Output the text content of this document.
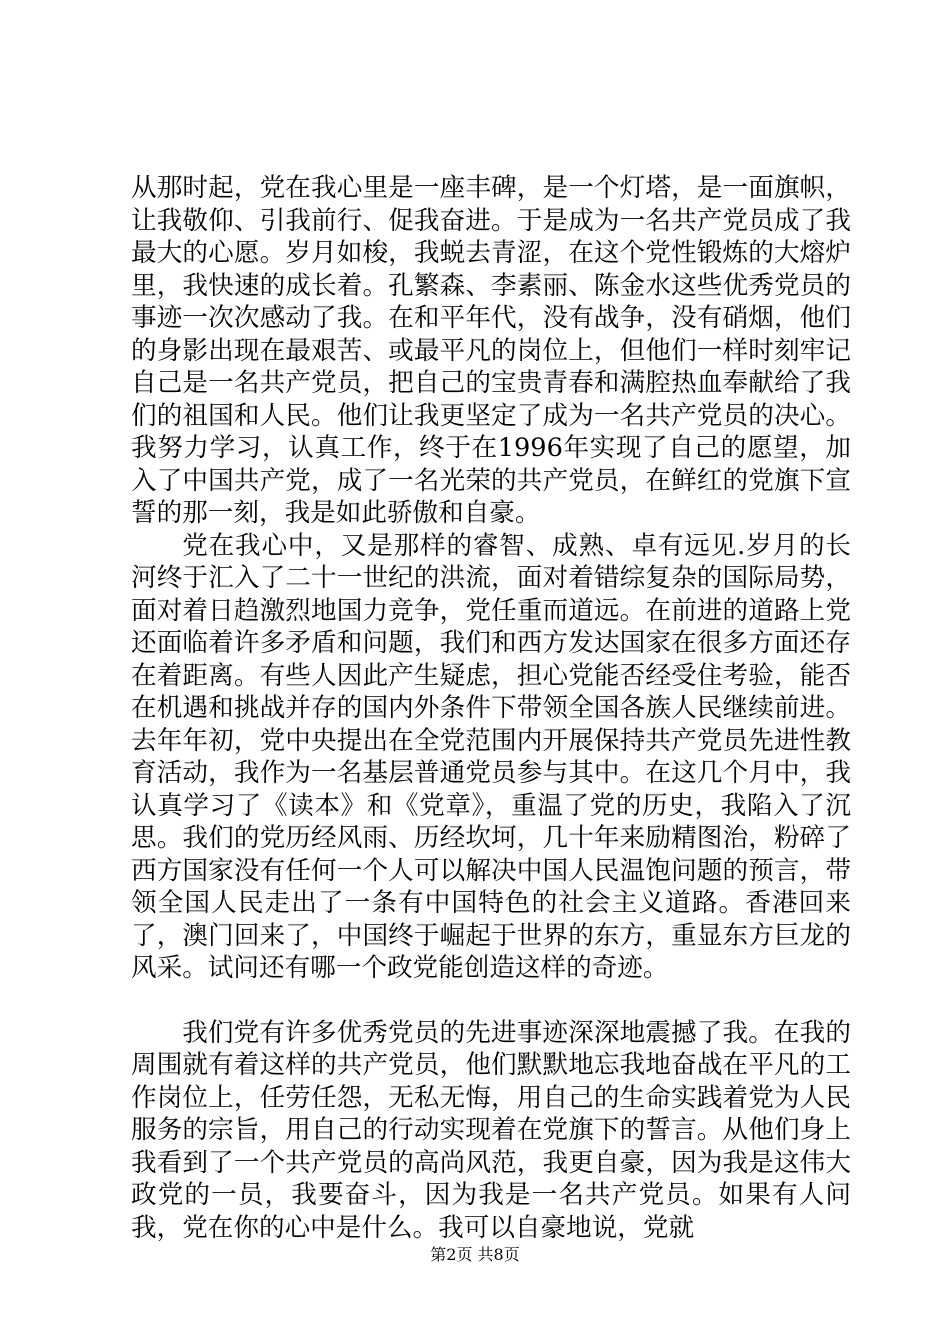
从那时起，党在我心里是一座丰碑，是一个灯塔，是一面旗帜，让我敬仰、引我前行、促我奋进。于是成为一名共产党员成了我最大的心愿。岁月如梭，我蜕去青涩，在这个党性锻炼的大熔炉里，我快速的成长着。孔繁森、李素丽、陈金水这些优秀党员的事迹一次次感动了我。在和平年代，没有战争，没有硝烟，他们的身影出现在最艰苦、或最平凡的岗位上，但他们一样时刻牢记自己是一名共产党员，把自己的宝贵青春和满腔热血奉献给了我们的祖国和人民。他们让我更坚定了成为一名共产党员的决心。我努力学习，认真工作，终于在1996年实现了自己的愿望，加入了中国共产党，成了一名光荣的共产党员，在鲜红的党旗下宣誓的那一刻，我是如此骄傲和自豪。

党在我心中，又是那样的睿智、成熟、卓有远见.岁月的长河终于汇入了二十一世纪的洪流，面对着错综复杂的国际局势，面对着日趋激烈地国力竞争，党任重而道远。在前进的道路上党还面临着许多矛盾和问题，我们和西方发达国家在很多方面还存在着距离。有些人因此产生疑虑，担心党能否经受住考验，能否在机遇和挑战并存的国内外条件下带领全国各族人民继续前进。去年年初，党中央提出在全党范围内开展保持共产党员先进性教育活动，我作为一名基层普通党员参与其中。在这几个月中，我认真学习了《读本》和《党章》，重温了党的历史，我陷入了沉思。我们的党历经风雨、历经坎坷，几十年来励精图治，粉碎了西方国家没有任何一个人可以解决中国人民温饱问题的预言，带领全国人民走出了一条有中国特色的社会主义道路。香港回来了，澳门回来了，中国终于崛起于世界的东方，重显东方巨龙的风采。试问还有哪一个政党能创造这样的奇迹。

我们党有许多优秀党员的先进事迹深深地震撼了我。在我的周围就有着这样的共产党员，他们默默地忘我地奋战在平凡的工作岗位上，任劳任怨，无私无悔，用自己的生命实践着党为人民服务的宗旨，用自己的行动实现着在党旗下的誓言。从他们身上我看到了一个共产党员的高尚风范，我更自豪，因为我是这伟大政党的一员，我要奋斗，因为我是一名共产党员。如果有人问我，党在你的心中是什么。我可以自豪地说，党就

第2页 共8页
